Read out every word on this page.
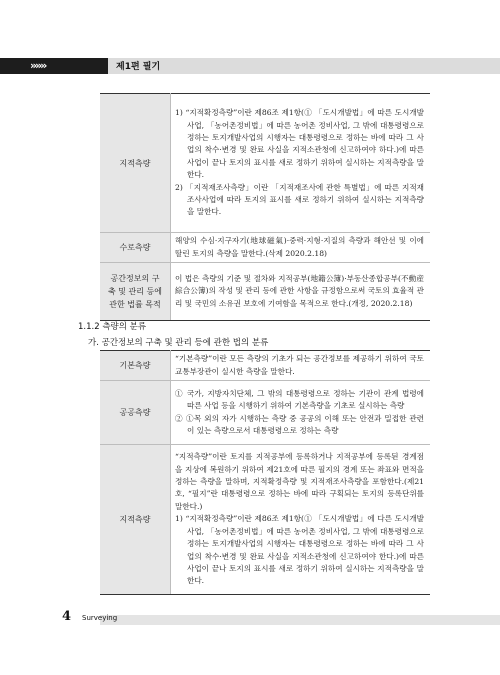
»»»	제1편 필기
지적측량	1) “지적확정측량”이란 제86조 제1항(① 「도시개발법」에 따른 도시개발사업, 「농어촌정비법」에 따른 농어촌 정비사업, 그 밖에 대통령령으로 정하는 토지개발사업의 시행자는 대통령령으로 정하는 바에 따라 그 사업의 착수·변경 및 완료 사실을 지적소관청에 신고하여야 하다.)에 따른 사업이 끝나 토지의 표시를 새로 정하기 위하여 실시하는 지적측량을 말한다.

2) 「지적재조사측량」이란 「지적재조사에 관한 특별법」에 따른 지적재조사사업에 따라 토지의 표시를 새로 정하기 위하여 실시하는 지적측량을 말한다.

수로측량	해양의 수심·지구자기(地球磁氣)·중력·지형·지질의 측량과 해안선 및 이에 딸린 토지의 측량을 말한다.(삭제 2020.2.18)

공간정보의 구축 및 관리 등에 관한 법률 목적	이 법은 측량의 기준 및 절차와 지적공부(地籍公簿)·부동산종합공부(不動産綜合公簿)의 작성 및 관리 등에 관한 사항을 규정함으로써 국토의 효율적 관리 및 국민의 소유권 보호에 기여함을 목적으로 한다.(개정, 2020.2.18)

1.1.2 측량의 분류
가. 공간정보의 구축 및 관리 등에 관한 법의 분류
기본측량	“기본측량”이란 모든 측량의 기초가 되는 공간정보를 제공하기 위하여 국토교통부장관이 실시한 측량을 말한다.

공공측량	① 국가, 지방자치단체, 그 밖의 대통령령으로 정하는 기관이 관계 법령에 따른 사업 등을 시행하기 위하여 기본측량을 기초로 실시하는 측량

② ①목 외의 자가 시행하는 측량 중 공공의 이해 또는 안전과 밀접한 관련이 있는 측량으로서 대통령령으로 정하는 측량

지적측량	“지적측량”이란 토지를 지적공부에 등록하거나 지적공부에 등록된 경계점을 지상에 복원하기 위하여 제21호에 따른 필지의 경계 또는 좌표와 면적을 정하는 측량을 말하며, 지적확정측량 및 지적재조사측량을 포함한다.(제21호, “필지”란 대통령령으로 정하는 바에 따라 구획되는 토지의 등록단위를 말한다.)

1) “지적확정측량”이란 제86조 제1항(① 「도시개발법」에 다른 도시개발사업, 「농어촌정비법」에 따른 농어촌 정비사업, 그 밖에 대통령령으로 정하는 토지개발사업의 시행자는 대통령령으로 정하는 바에 따라 그 사업의 착수·변경 및 완료 사실을 지적소관청에 신고하여야 한다.)에 따른 사업이 끝나 토지의 표시를 새로 정하기 위하여 실시하는 지적측량을 말한다.

4 Surveying
